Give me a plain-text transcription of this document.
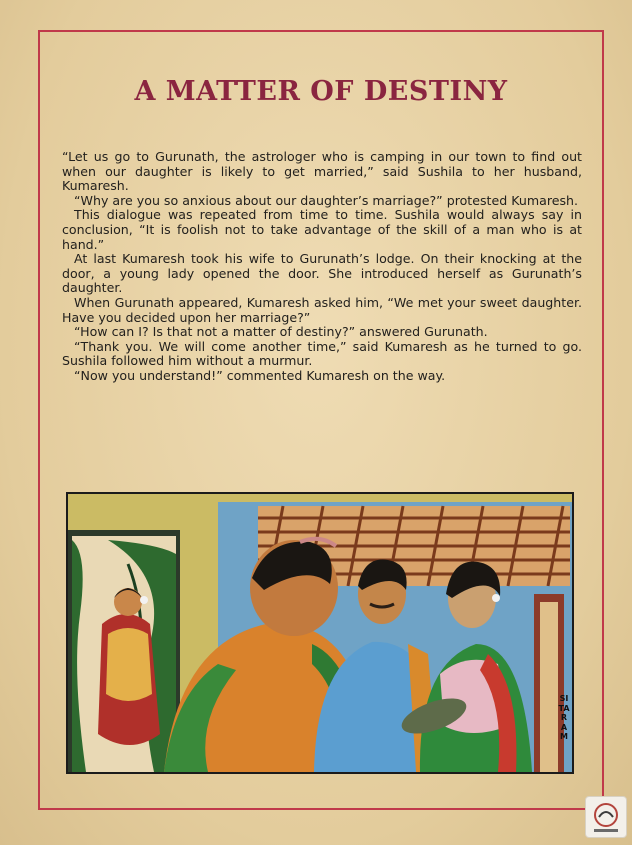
A MATTER OF DESTINY

“Let us go to Gurunath, the astrologer who is camping in our town to find out when our daughter is likely to get married,” said Sushila to her husband, Kumaresh.

“Why are you so anxious about our daughter’s marriage?” protested Kumaresh.

This dialogue was repeated from time to time. Sushila would always say in conclusion, “It is foolish not to take advantage of the skill of a man who is at hand.”

At last Kumaresh took his wife to Gurunath’s lodge. On their knocking at the door, a young lady opened the door. She introduced herself as Gurunath’s daughter.

When Gurunath appeared, Kumaresh asked him, “We met your sweet daughter. Have you decided upon her marriage?”

“How can I? Is that not a matter of destiny?” answered Gurunath.

“Thank you. We will come another time,” said Kumaresh as he turned to go. Sushila followed him without a murmur.

“Now you understand!” commented Kumaresh on the way.

SITARAM
